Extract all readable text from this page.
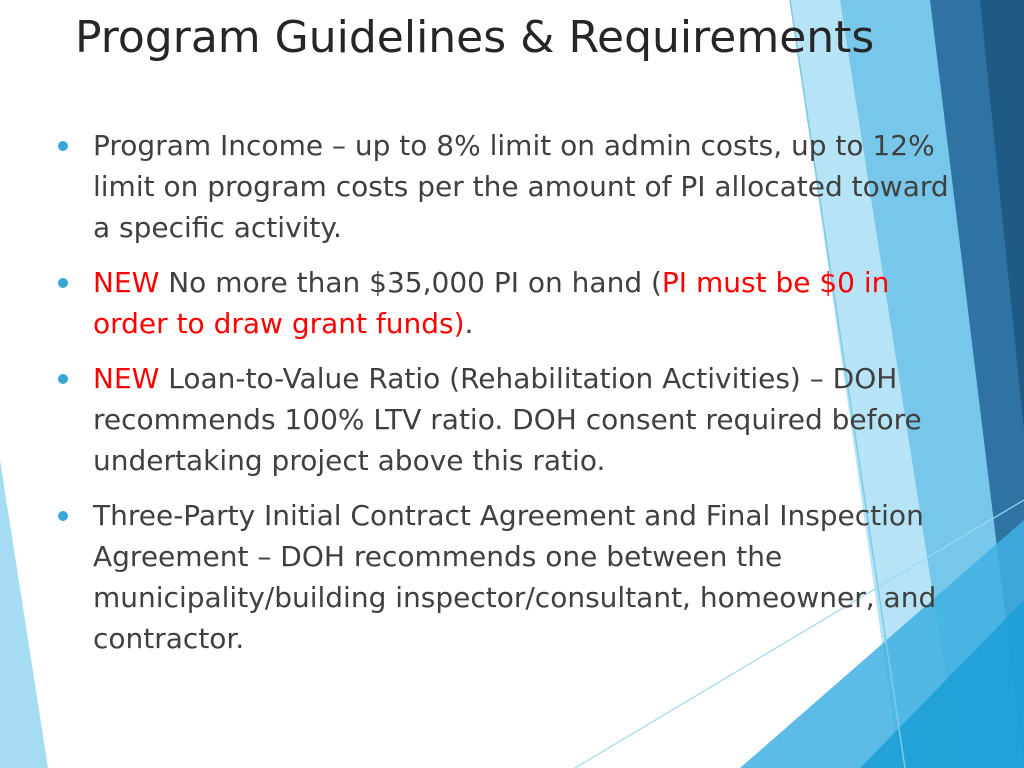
Program Guidelines & Requirements
Program Income – up to 8% limit on admin costs, up to 12% limit on program costs per the amount of PI allocated toward a specific activity.
NEW No more than $35,000 PI on hand (PI must be $0 in order to draw grant funds).
NEW Loan-to-Value Ratio (Rehabilitation Activities) – DOH recommends 100% LTV ratio. DOH consent required before undertaking project above this ratio.
Three-Party Initial Contract Agreement and Final Inspection Agreement – DOH recommends one between the municipality/building inspector/consultant, homeowner, and contractor.
